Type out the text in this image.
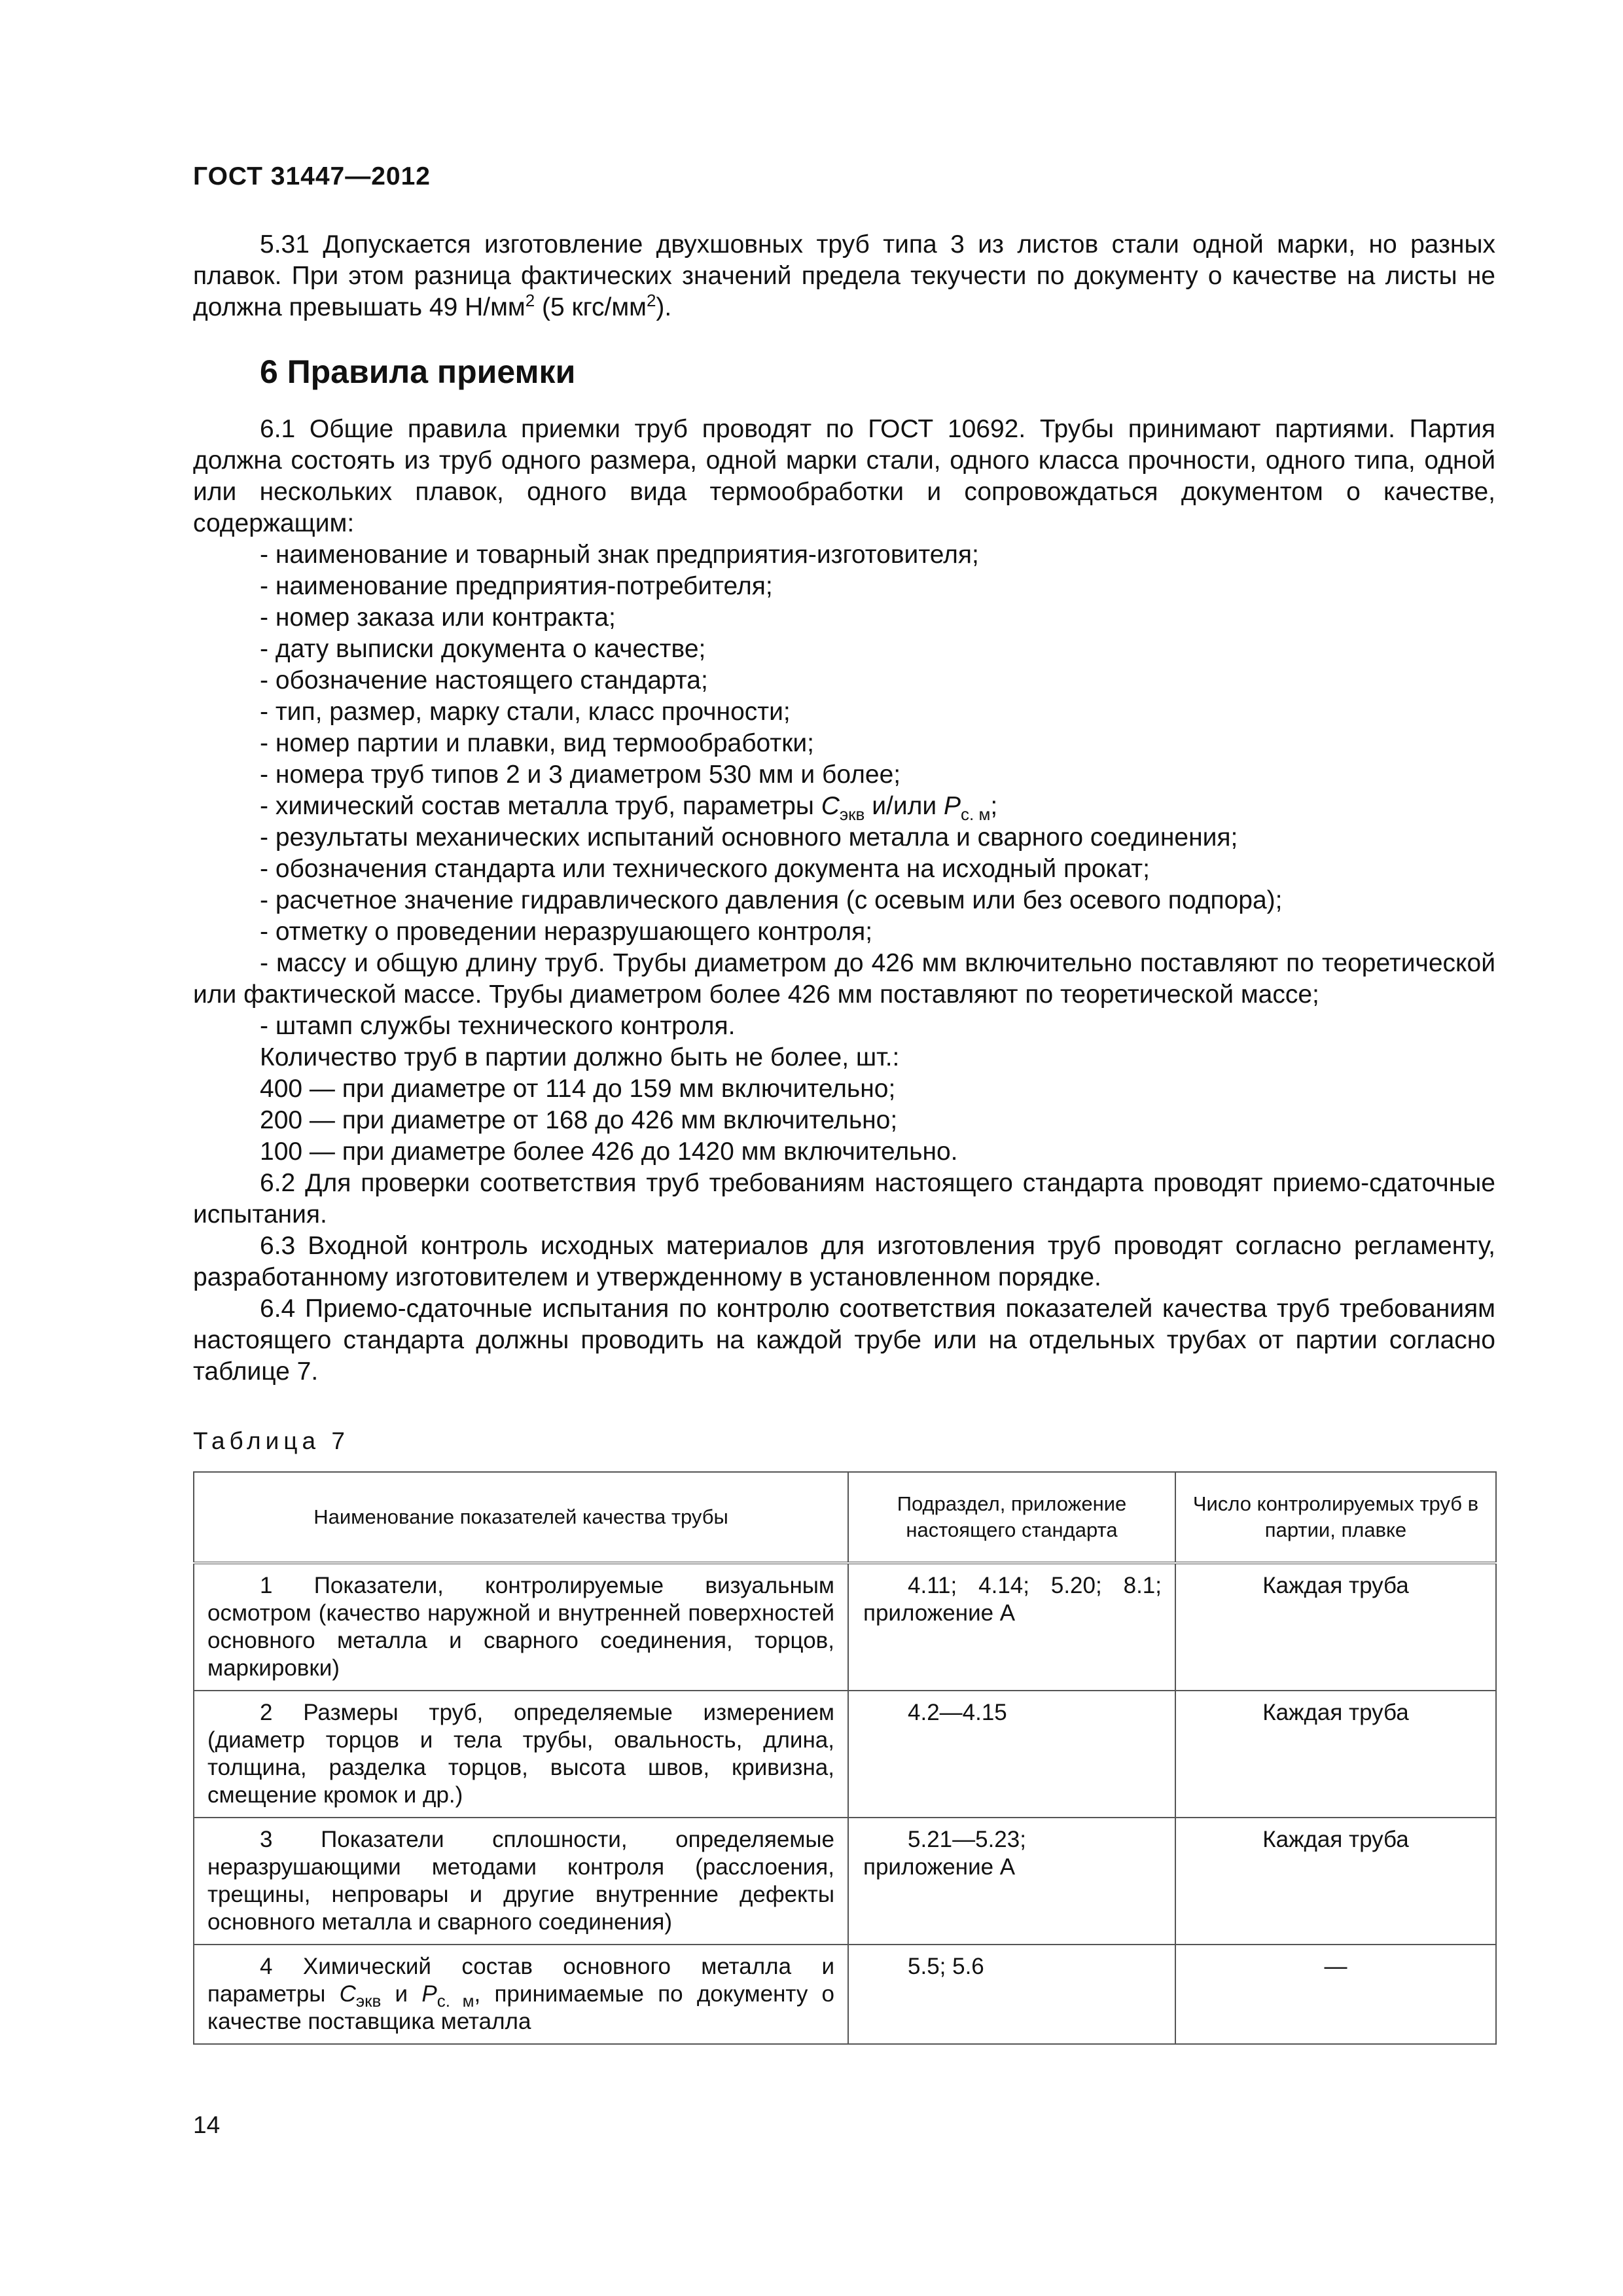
ГОСТ 31447—2012

5.31 Допускается изготовление двухшовных труб типа 3 из листов стали одной марки, но разных плавок. При этом разница фактических значений предела текучести по документу о качестве на листы не должна превышать 49 $Н/мм^2$ (5 кгс/$мм^2$).

6 Правила приемки

6.1 Общие правила приемки труб проводят по ГОСТ 10692. Трубы принимают партиями. Партия должна состоять из труб одного размера, одной марки стали, одного класса прочности, одного типа, одной или нескольких плавок, одного вида термообработки и сопровождаться документом о качестве, содержащим:

- наименование и товарный знак предприятия-изготовителя;

- наименование предприятия-потребителя;

- номер заказа или контракта;

- дату выписки документа о качестве;

- обозначение настоящего стандарта;

- тип, размер, марку стали, класс прочности;

- номер партии и плавки, вид термообработки;

- номера труб типов 2 и 3 диаметром 530 мм и более;

- химический состав металла труб, параметры $C_{экв}$ и/или $P_{с. м}$;

- результаты механических испытаний основного металла и сварного соединения;

- обозначения стандарта или технического документа на исходный прокат;

- расчетное значение гидравлического давления (с осевым или без осевого подпора);

- отметку о проведении неразрушающего контроля;

- массу и общую длину труб. Трубы диаметром до 426 мм включительно поставляют по теоретической или фактической массе. Трубы диаметром более 426 мм поставляют по теоретической массе;

- штамп службы технического контроля.

Количество труб в партии должно быть не более, шт.:

400 — при диаметре от 114 до 159 мм включительно;

200 — при диаметре от 168 до 426 мм включительно;

100 — при диаметре более 426 до 1420 мм включительно.

6.2 Для проверки соответствия труб требованиям настоящего стандарта проводят приемо-сдаточные испытания.

6.3 Входной контроль исходных материалов для изготовления труб проводят согласно регламенту, разработанному изготовителем и утвержденному в установленном порядке.

6.4 Приемо-сдаточные испытания по контролю соответствия показателей качества труб требованиям настоящего стандарта должны проводить на каждой трубе или на отдельных трубах от партии согласно таблице 7.

Таблица 7
Наименование показателей качества трубы	Подраздел, приложение настоящего стандарта	Число контролируемых труб в партии, плавке

1 Показатели, контролируемые визуальным осмотром (качество наружной и внутренней поверхностей основного металла и сварного соединения, торцов, маркировки)	4.11; 4.14; 5.20; 8.1; приложение А	Каждая труба

2 Размеры труб, определяемые измерением (диаметр торцов и тела трубы, овальность, длина, толщина, разделка торцов, высота швов, кривизна, смещение кромок и др.)	4.2—4.15	Каждая труба

3 Показатели сплошности, определяемые неразрушающими методами контроля (расслоения, трещины, непровары и другие внутренние дефекты основного металла и сварного соединения)	5.21—5.23; приложение А	Каждая труба

4 Химический состав основного металла и параметры $C_{экв}$ и $P_{с. м}$, принимаемые по документу о качестве поставщика металла	5.5; 5.6	—
14
